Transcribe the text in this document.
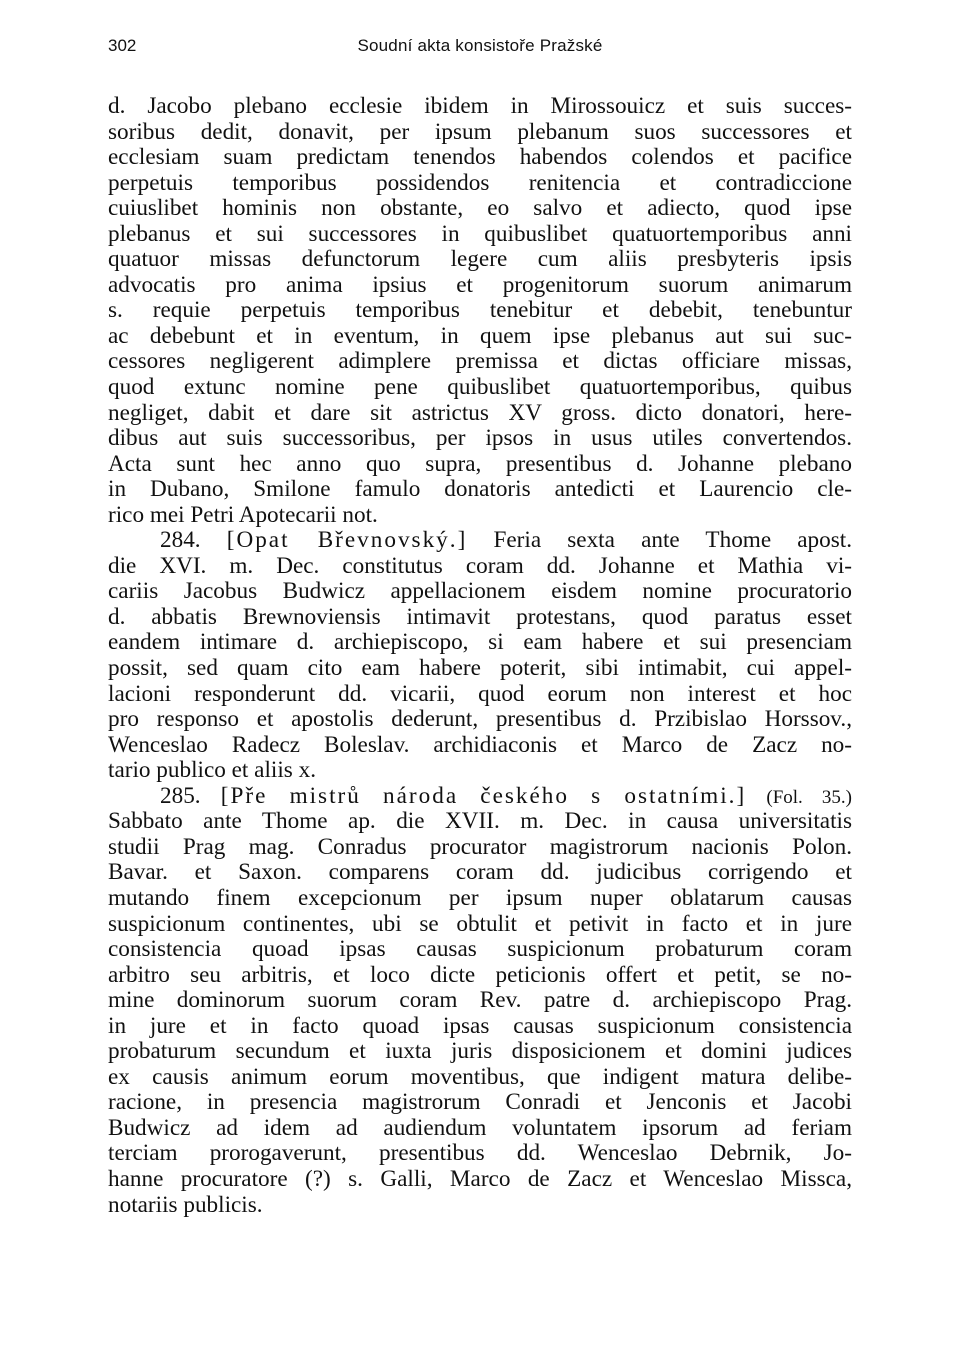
302	Soudní akta konsistoře Pražské
d. Jacobo plebano ecclesie ibidem in Mirossouicz et suis succes-
soribus dedit, donavit, per ipsum plebanum suos successores et
ecclesiam suam predictam tenendos habendos colendos et pacifice
perpetuis temporibus possidendos renitencia et contradiccione
cuiuslibet hominis non obstante, eo salvo et adiecto, quod ipse
plebanus et sui successores in quibuslibet quatuortemporibus anni
quatuor missas defunctorum legere cum aliis presbyteris ipsis
advocatis pro anima ipsius et progenitorum suorum animarum
s. requie perpetuis temporibus tenebitur et debebit, tenebuntur
ac debebunt et in eventum, in quem ipse plebanus aut sui suc-
cessores negligerent adimplere premissa et dictas officiare missas,
quod extunc nomine pene quibuslibet quatuortemporibus, quibus
negliget, dabit et dare sit astrictus XV gross. dicto donatori, here-
dibus aut suis successoribus, per ipsos in usus utiles convertendos.
Acta sunt hec anno quo supra, presentibus d. Johanne plebano
in Dubano, Smilone famulo donatoris antedicti et Laurencio cle-
rico mei Petri Apotecarii not.
284. [Opat Břevnovský.] Feria sexta ante Thome apost.
die XVI. m. Dec. constitutus coram dd. Johanne et Mathia vi-
cariis Jacobus Budwicz appellacionem eisdem nomine procuratorio
d. abbatis Brewnoviensis intimavit protestans, quod paratus esset
eandem intimare d. archiepiscopo, si eam habere et sui presenciam
possit, sed quam cito eam habere poterit, sibi intimabit, cui appel-
lacioni responderunt dd. vicarii, quod eorum non interest et hoc
pro responso et apostolis dederunt, presentibus d. Przibislao Horssov.,
Wenceslao Radecz Boleslav. archidiaconis et Marco de Zacz no-
tario publico et aliis x.
285. [Pře mistrů národa českého s ostatními.] (Fol. 35.)
Sabbato ante Thome ap. die XVII. m. Dec. in causa universitatis
studii Prag mag. Conradus procurator magistrorum nacionis Polon.
Bavar. et Saxon. comparens coram dd. judicibus corrigendo et
mutando finem excepcionum per ipsum nuper oblatarum causas
suspicionum continentes, ubi se obtulit et petivit in facto et in jure
consistencia quoad ipsas causas suspicionum probaturum coram
arbitro seu arbitris, et loco dicte peticionis offert et petit, se no-
mine dominorum suorum coram Rev. patre d. archiepiscopo Prag.
in jure et in facto quoad ipsas causas suspicionum consistencia
probaturum secundum et iuxta juris disposicionem et domini judices
ex causis animum eorum moventibus, que indigent matura delibe-
racione, in presencia magistrorum Conradi et Jenconis et Jacobi
Budwicz ad idem ad audiendum voluntatem ipsorum ad feriam
terciam prorogaverunt, presentibus dd. Wenceslao Debrnik, Jo-
hanne procuratore (?) s. Galli, Marco de Zacz et Wenceslao Missca,
notariis publicis.
